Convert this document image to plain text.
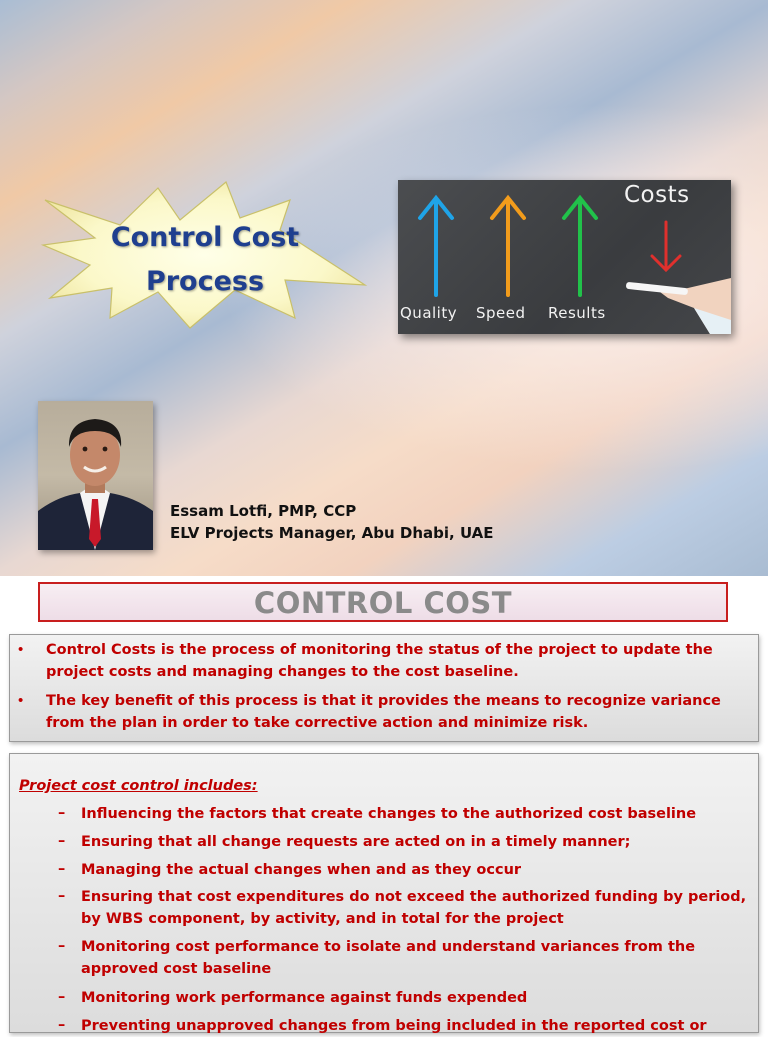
Control Cost
Process
Costs
Quality Speed Results
Essam Lotfi, PMP, CCP
ELV Projects Manager, Abu Dhabi, UAE
CONTROL COST
• Control Costs is the process of monitoring the status of the project to update the project costs and managing changes to the cost baseline.
• The key benefit of this process is that it provides the means to recognize variance from the plan in order to take corrective action and minimize risk.
Project cost control includes:
– Influencing the factors that create changes to the authorized cost baseline
– Ensuring that all change requests are acted on in a timely manner;
– Managing the actual changes when and as they occur
– Ensuring that cost expenditures do not exceed the authorized funding by period, by WBS component, by activity, and in total for the project
– Monitoring cost performance to isolate and understand variances from the approved cost baseline
– Monitoring work performance against funds expended
– Preventing unapproved changes from being included in the reported cost or
